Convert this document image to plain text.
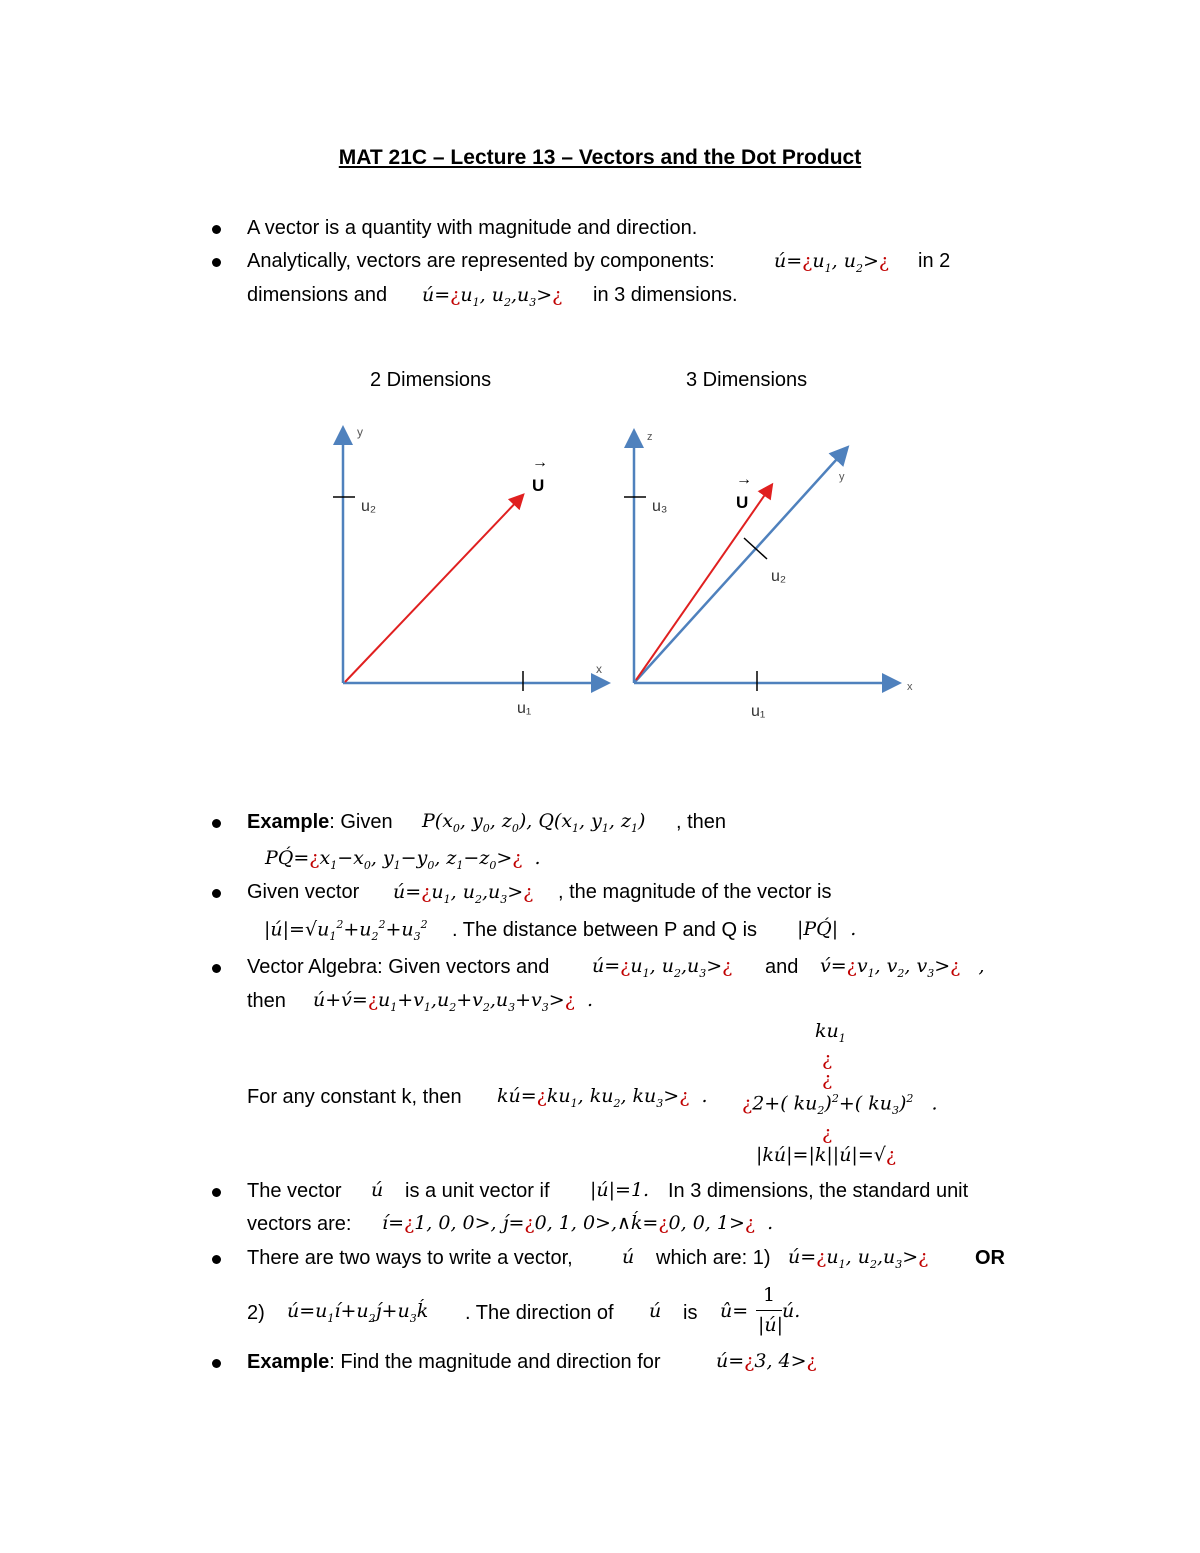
MAT 21C – Lecture 13 – Vectors and the Dot Product
A vector is a quantity with magnitude and direction.
Analytically, vectors are represented by components:	$ú=¿u_1$, $u_2>¿$ in 2
dimensions and $ú=¿u_1$, $u_2,u_3>¿$ in 3 dimensions.
2 Dimensions	3 Dimensions
y
x
u₂
u₁
→
U
z
x
y
u₃
u₁
u₂
→
U
Example: Given $P(x_0$, $y_0$, $z_0$), $Q(x_1$, $y_1$, $z_1$) , then
$PQ́=¿x_1-x_0$, $y_1-y_0$, $z_1-z_0>¿$  .
Given vector $ú=¿u_1$, $u_2,u_3>¿$ , the magnitude of the vector is
$|ú|=√u_1^2+u_2^2+u_3^2$ . The distance between P and Q is |PQ́|  .
Vector Algebra: Given vectors and $ú=¿u_1$, $u_2,u_3>¿$ and $v́=¿v_1$, $v_2$, $v_3>¿$   ,
then $ú+v́=¿u_1+v_1,u_2+v_2,u_3+v_3>¿$  .
For any constant k, then $kú=¿ku_1$, $ku_2$, $ku_3>¿$  .
$ku_1$
¿
¿
¿2+( $ku_2)^2+$( $ku_3)^2$   .
¿
|kú|=|k||ú|=√¿
The vector ú is a unit vector if |ú|=1. In 3 dimensions, the standard unit
vectors are: í=¿1, 0, 0>, j́=¿0, 1, 0>,∧ḱ=¿0, 0, 1>¿  .
There are two ways to write a vector,	ú which are: 1) $ú=¿u_1$, $u_2,u_3>¿$ OR
2) $ú=u_1í+u_2j́+u_3ḱ$ . The direction of ú is û=
1
|ú|
ú.
Example: Find the magnitude and direction for	ú=¿3, 4>¿
